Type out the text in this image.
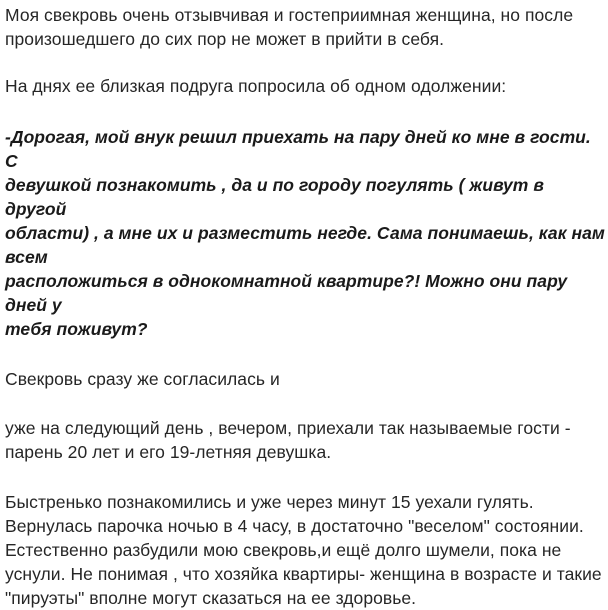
Моя свекровь очень отзывчивая и гостеприимная женщина, но после
произошедшего до сих пор не может в прийти в себя.

На днях ее близкая подруга попросила об одном одолжении:

-Дорогая, мой внук решил приехать на пару дней ко мне в гости. С
девушкой познакомить , да и по городу погулять ( живут в другой
области) , а мне их и разместить негде. Сама понимаешь, как нам всем
расположиться в однокомнатной квартире?! Можно они пару дней у
тебя поживут?

Свекровь сразу же согласилась и

уже на следующий день , вечером, приехали так называемые гости -
парень 20 лет и его 19-летняя девушка.

Быстренько познакомились и уже через минут 15 уехали гулять.
Вернулась парочка ночью в 4 часу, в достаточно "веселом" состоянии.
Естественно разбудили мою свекровь,и ещё долго шумели, пока не
уснули. Не понимая , что хозяйка квартиры- женщина в возрасте и такие
"пируэты" вполне могут сказаться на ее здоровье.
